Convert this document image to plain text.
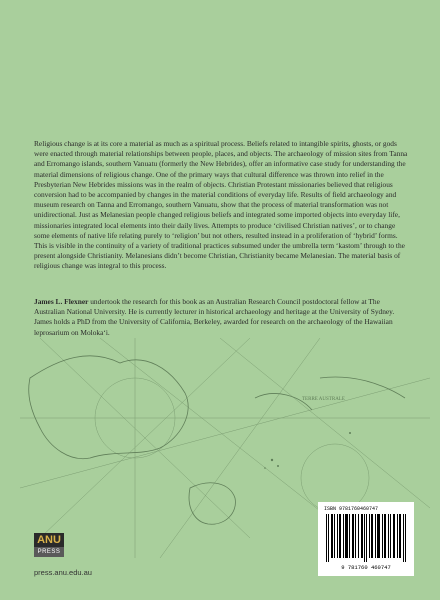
Religious change is at its core a material as much as a spiritual process. Beliefs related to intangible spirits, ghosts, or gods were enacted through material relationships between people, places, and objects. The archaeology of mission sites from Tanna and Erromango islands, southern Vanuatu (formerly the New Hebrides), offer an informative case study for understanding the material dimensions of religious change. One of the primary ways that cultural difference was thrown into relief in the Presbyterian New Hebrides missions was in the realm of objects. Christian Protestant missionaries believed that religious conversion had to be accompanied by changes in the material conditions of everyday life. Results of field archaeology and museum research on Tanna and Erromango, southern Vanuatu, show that the process of material transformation was not unidirectional. Just as Melanesian people changed religious beliefs and integrated some imported objects into everyday life, missionaries integrated local elements into their daily lives. Attempts to produce ‘civilised Christian natives’, or to change some elements of native life relating purely to ‘religion’ but not others, resulted instead in a proliferation of ‘hybrid’ forms. This is visible in the continuity of a variety of traditional practices subsumed under the umbrella term ‘kastom’ through to the present alongside Christianity. Melanesians didn’t become Christian, Christianity became Melanesian. The material basis of religious change was integral to this process.

James L. Flexner undertook the research for this book as an Australian Research Council postdoctoral fellow at The Australian National University. He is currently lecturer in historical archaeology and heritage at the University of Sydney. James holds a PhD from the University of California, Berkeley, awarded for research on the archaeology of the Hawaiian leprosarium on Moloka‘i.
TERRE AUSTRALE
ANU
PRESS
press.anu.edu.au
ISBN 9781760460747
9 781760 460747
